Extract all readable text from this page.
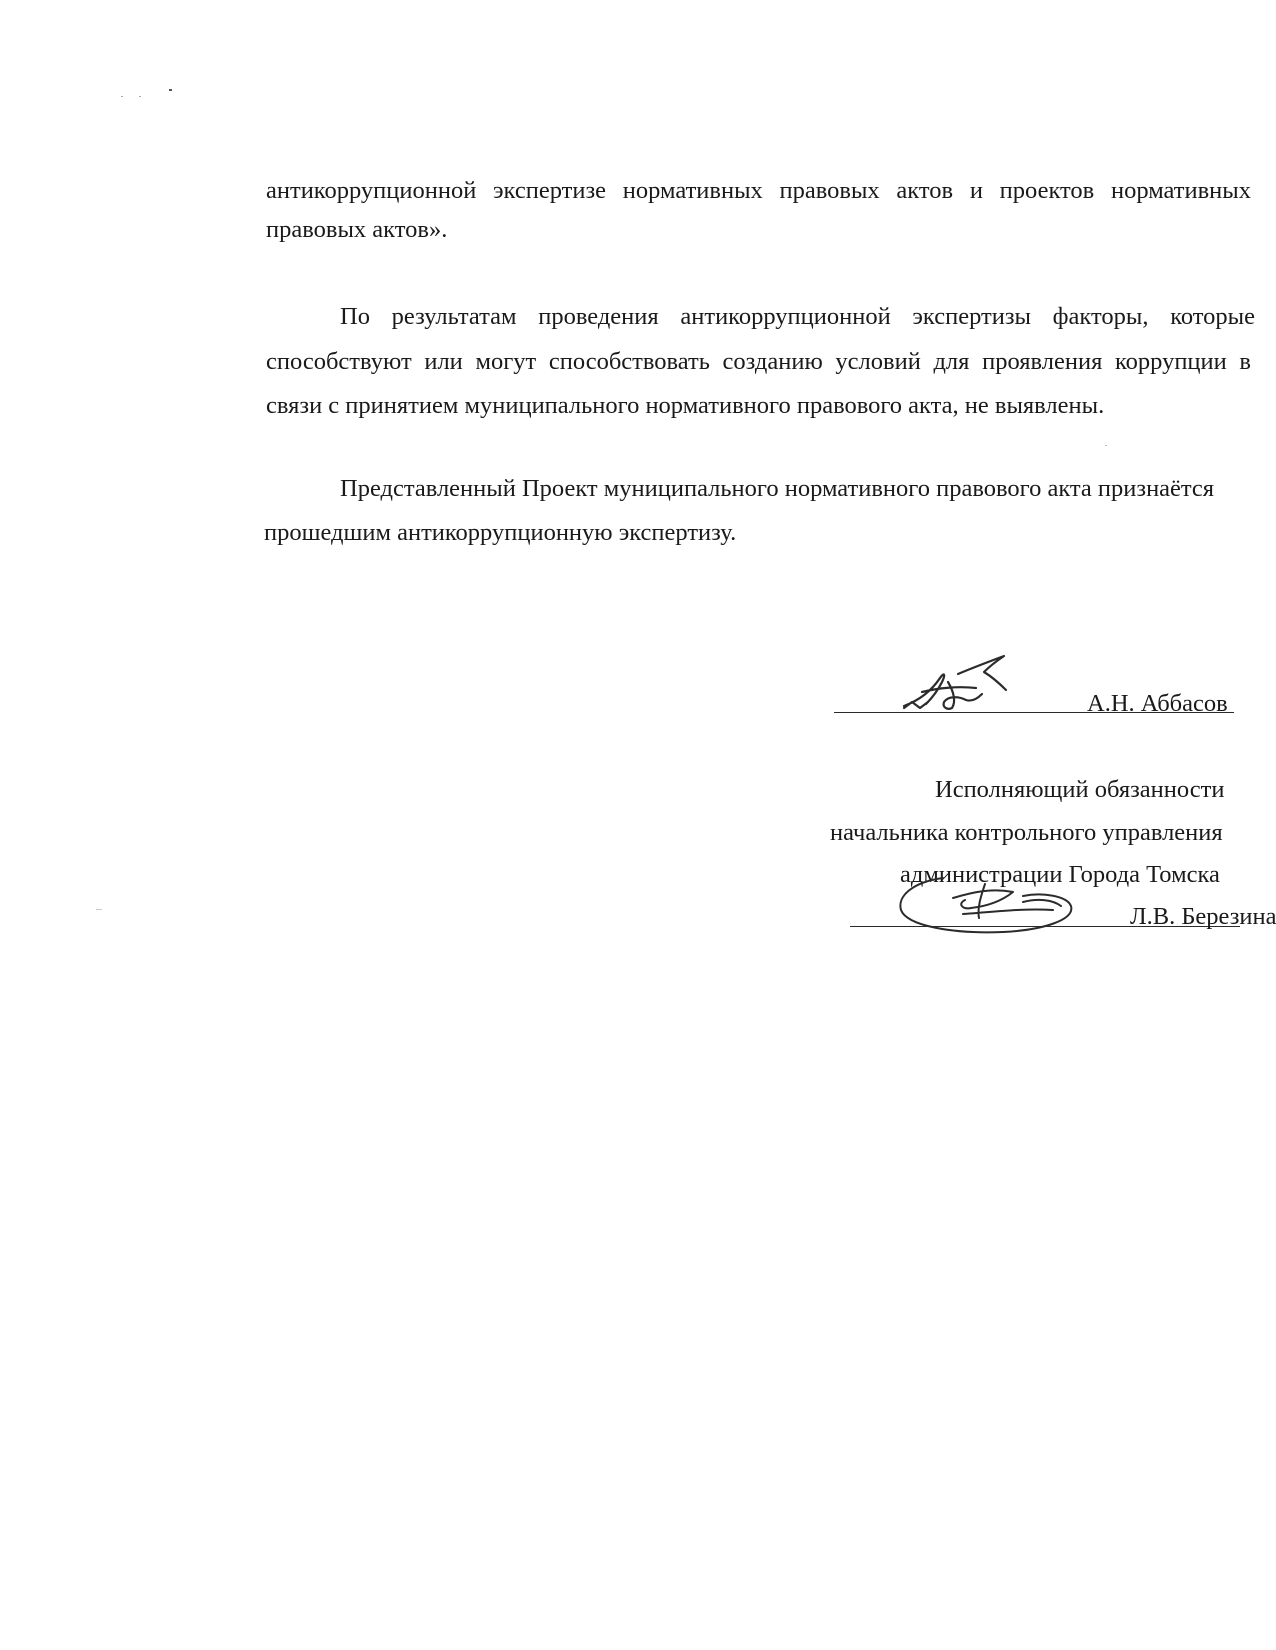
антикоррупционной экспертизе нормативных правовых актов и проектов нормативных
правовых актов».
По результатам проведения антикоррупционной экспертизы факторы, которые
способствуют или могут способствовать созданию условий для проявления коррупции в
связи с принятием муниципального нормативного правового акта, не выявлены.
Представленный Проект муниципального нормативного правового акта признаётся
прошедшим антикоррупционную экспертизу.
А.Н. Аббасов
Исполняющий обязанности
начальника контрольного управления
администрации Города Томска
Л.В. Березина
